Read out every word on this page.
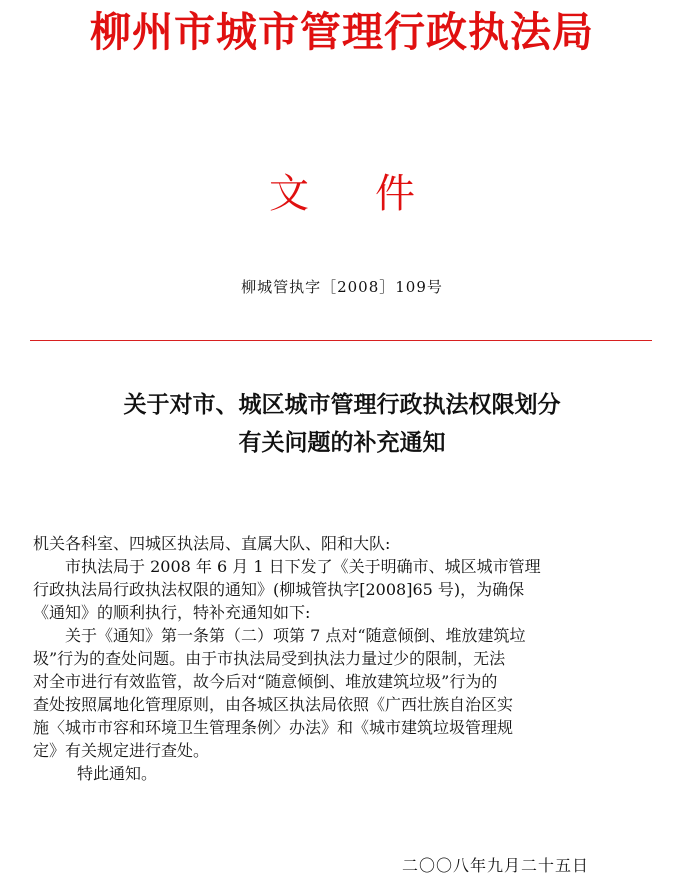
柳州市城市管理行政执法局
文件
柳城管执字［2008］109号
关于对市、城区城市管理行政执法权限划分
有关问题的补充通知

机关各科室、四城区执法局、直属大队、阳和大队:

市执法局于 2008 年 6 月 1 日下发了《关于明确市、城区城市管理

行政执法局行政执法权限的通知》(柳城管执字[2008]65 号)，为确保

《通知》的顺利执行，特补充通知如下:

关于《通知》第一条第（二）项第 7 点对“随意倾倒、堆放建筑垃

圾”行为的查处问题。由于市执法局受到执法力量过少的限制，无法

对全市进行有效监管，故今后对“随意倾倒、堆放建筑垃圾”行为的

查处按照属地化管理原则，由各城区执法局依照《广西壮族自治区实

施〈城市市容和环境卫生管理条例〉办法》和《城市建筑垃圾管理规

定》有关规定进行查处。

特此通知。

二〇〇八年九月二十五日
